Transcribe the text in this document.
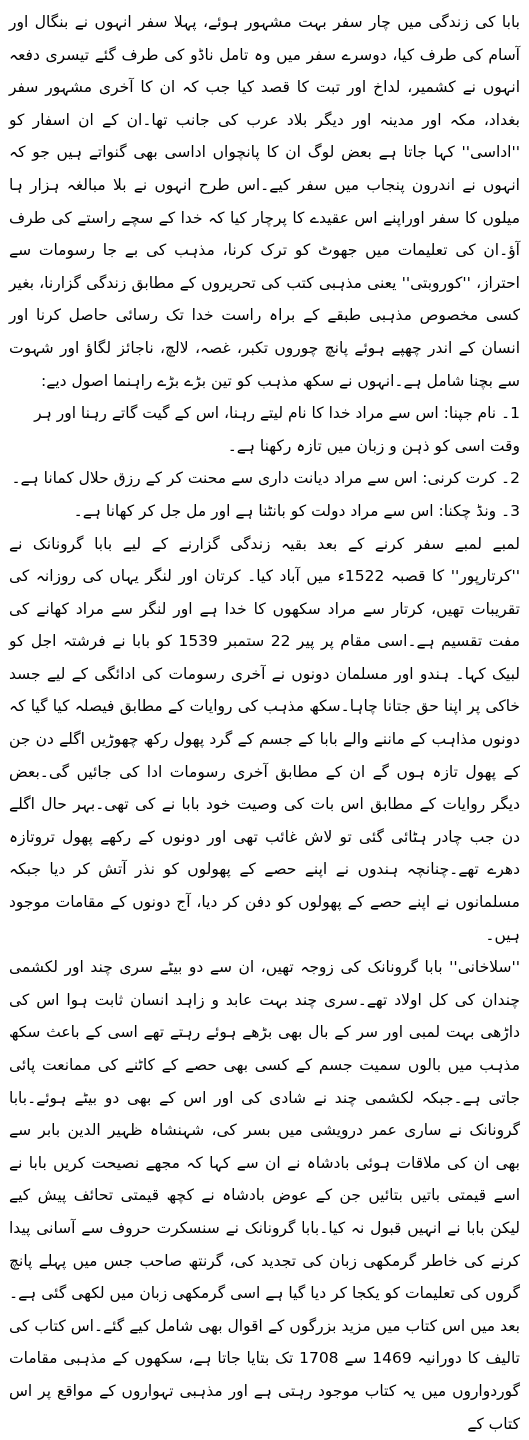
بابا کی زندگی میں چار سفر بہت مشہور ہوئے، پہلا سفر انہوں نے بنگال اور آسام کی طرف کیا، دوسرے سفر میں وہ تامل ناڈو کی طرف گئے تیسری دفعہ انہوں نے کشمیر، لداخ اور تبت کا قصد کیا جب کہ ان کا آخری مشہور سفر بغداد، مکہ اور مدینہ اور دیگر بلاد عرب کی جانب تھا۔ان کے ان اسفار کو ''اداسی'' کہا جاتا ہے بعض لوگ ان کا پانچواں اداسی بھی گنواتے ہیں جو کہ انہوں نے اندرون پنجاب میں سفر کیے۔اس طرح انہوں نے بلا مبالغہ ہزار ہا میلوں کا سفر اوراپنے اس عقیدے کا پرچار کیا کہ خدا کے سچے راستے کی طرف آؤ۔ان کی تعلیمات میں جھوٹ کو ترک کرنا، مذہب کی بے جا رسومات سے احتراز، ''کوروبتی'' یعنی مذہبی کتب کی تحریروں کے مطابق زندگی گزارنا، بغیر کسی مخصوص مذہبی طبقے کے براہ راست خدا تک رسائی حاصل کرنا اور انسان کے اندر چھپے ہوئے پانچ چوروں تکبر، غصہ، لالچ، ناجائز لگاؤ اور شہوت سے بچنا شامل ہے۔انہوں نے سکھ مذہب کو تین بڑے بڑے راہنما اصول دیے:

1۔ نام جپنا: اس سے مراد خدا کا نام لیتے رہنا، اس کے گیت گاتے رہنا اور ہر وقت اسی کو ذہن و زبان میں تازہ رکھنا ہے۔

2۔ کرت کرنی: اس سے مراد دیانت داری سے محنت کر کے رزق حلال کمانا ہے۔

3۔ ونڈ چکنا: اس سے مراد دولت کو بانٹنا ہے اور مل جل کر کھانا ہے۔

لمبے لمبے سفر کرنے کے بعد بقیہ زندگی گزارنے کے لیے بابا گرونانک نے ''کرتارپور'' کا قصبہ 1522ء میں آباد کیا۔ کرتان اور لنگر یہاں کی روزانہ کی تقریبات تھیں، کرتار سے مراد سکھوں کا خدا ہے اور لنگر سے مراد کھانے کی مفت تقسیم ہے۔اسی مقام پر پیر 22 ستمبر 1539 کو بابا نے فرشتہ اجل کو لبیک کہا۔ ہندو اور مسلمان دونوں نے آخری رسومات کی ادائگی کے لیے جسد خاکی پر اپنا حق جتانا چاہا۔سکھ مذہب کی روایات کے مطابق فیصلہ کیا گیا کہ دونوں مذاہب کے ماننے والے بابا کے جسم کے گرد پھول رکھ چھوڑیں اگلے دن جن کے پھول تازہ ہوں گے ان کے مطابق آخری رسومات ادا کی جائیں گی۔بعض دیگر روایات کے مطابق اس بات کی وصیت خود بابا نے کی تھی۔بہر حال اگلے دن جب چادر ہٹائی گئی تو لاش غائب تھی اور دونوں کے رکھے پھول تروتازہ دھرے تھے۔چنانچہ ہندوں نے اپنے حصے کے پھولوں کو نذر آتش کر دیا جبکہ مسلمانوں نے اپنے حصے کے پھولوں کو دفن کر دیا، آج دونوں کے مقامات موجود ہیں۔

''سلاخانی'' بابا گرونانک کی زوجہ تھیں، ان سے دو بیٹے سری چند اور لکشمی چندان کی کل اولاد تھے۔سری چند بہت عابد و زاہد انسان ثابت ہوا اس کی داڑھی بہت لمبی اور سر کے بال بھی بڑھے ہوئے رہتے تھے اسی کے باعث سکھ مذہب میں بالوں سمیت جسم کے کسی بھی حصے کے کاٹنے کی ممانعت پائی جاتی ہے۔جبکہ لکشمی چند نے شادی کی اور اس کے بھی دو بیٹے ہوئے۔بابا گرونانک نے ساری عمر درویشی میں بسر کی، شہنشاہ ظہیر الدین بابر سے بھی ان کی ملاقات ہوئی بادشاہ نے ان سے کہا کہ مجھے نصیحت کریں بابا نے اسے قیمتی باتیں بتائیں جن کے عوض بادشاہ نے کچھ قیمتی تحائف پیش کیے لیکن بابا نے انہیں قبول نہ کیا۔بابا گرونانک نے سنسکرت حروف سے آسانی پیدا کرنے کی خاطر گرمکھی زبان کی تجدید کی، گرنتھ صاحب جس میں پہلے پانچ گروں کی تعلیمات کو یکجا کر دیا گیا ہے اسی گرمکھی زبان میں لکھی گئی ہے۔بعد میں اس کتاب میں مزید بزرگوں کے اقوال بھی شامل کیے گئے۔اس کتاب کی تالیف کا دورانیہ 1469 سے 1708 تک بتایا جاتا ہے، سکھوں کے مذہبی مقامات گوردواروں میں یہ کتاب موجود رہتی ہے اور مذہبی تہواروں کے مواقع پر اس کتاب کے
